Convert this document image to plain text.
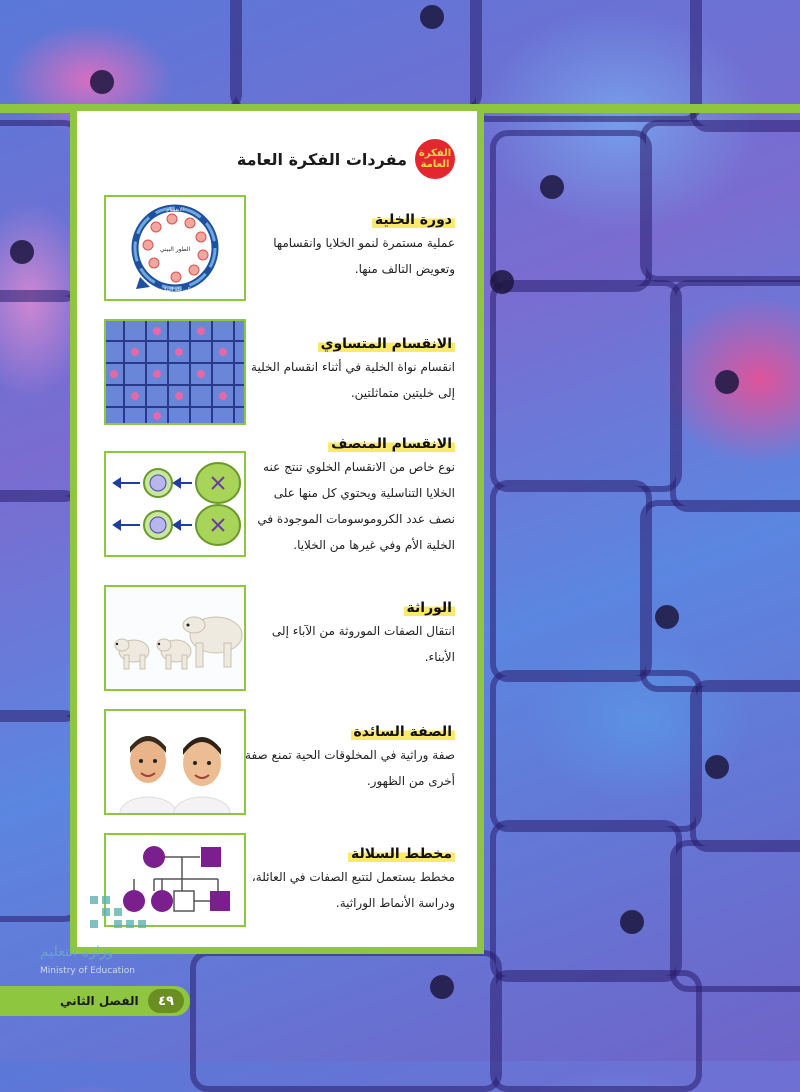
الفكرة العامة
مفردات الفكرة العامة
الانقسام
الطور البيني
المرحلة النهائية
دورة الخلية
عملية مستمرة لنمو الخلايا وانقسامها وتعويض التالف منها.
الانقسام المتساوي
انقسام نواة الخلية في أثناء انقسام الخلية إلى خليتين متماثلتين.
الانقسام المنصف
نوع خاص من الانقسام الخلوي تنتج عنه الخلايا التناسلية ويحتوي كل منها على نصف عدد الكروموسومات الموجودة في الخلية الأم وفي غيرها من الخلايا.
الوراثة
انتقال الصفات الموروثة من الآباء إلى الأبناء.
الصفة السائدة
صفة وراثية في المخلوقات الحية تمنع صفة أخرى من الظهور.
مخطط السلالة
مخطط يستعمل لتتبع الصفات في العائلة، ودراسة الأنماط الوراثية.
وزارة التعليم
Ministry of Education
الفصل الثاني	٤٩
